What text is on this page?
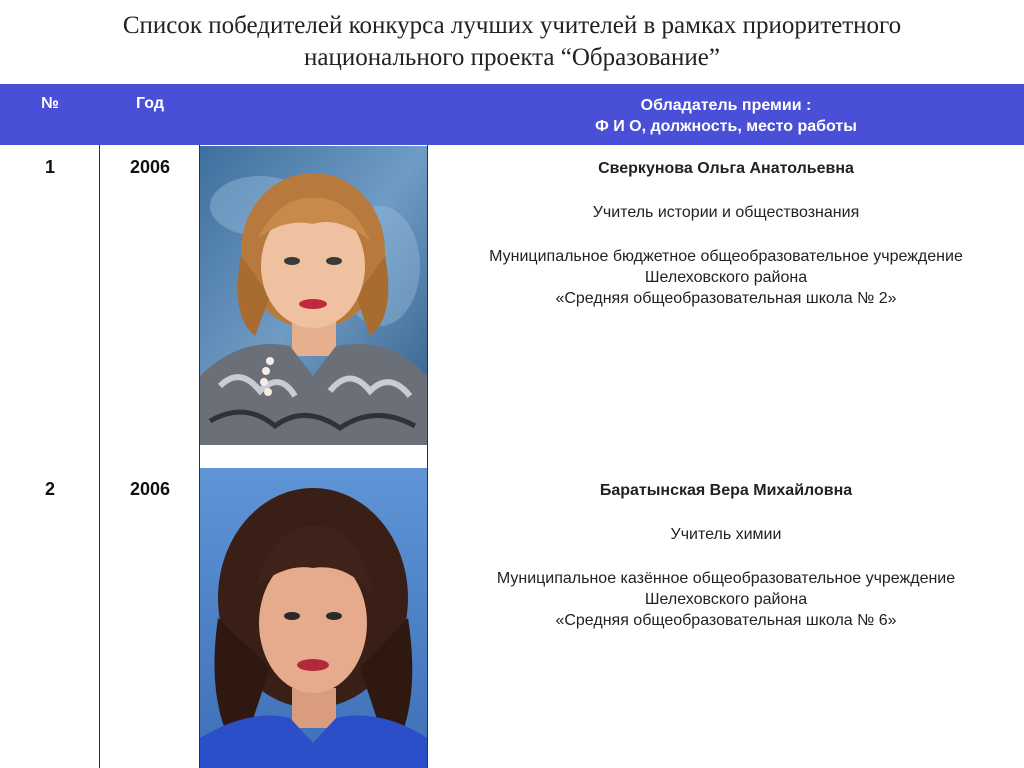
Список победителей конкурса лучших учителей в рамках приоритетного
национального проекта “Образование”
№	Год	Обладатель премии :
Ф И О, должность, место работы
1	2006	Сверкунова Ольга Анатольевна
Учитель истории и обществознания
Муниципальное бюджетное общеобразовательное учреждение
Шелеховского района
«Средняя общеобразовательная школа № 2»
2	2006	Баратынская Вера Михайловна
Учитель химии
Муниципальное казённое общеобразовательное учреждение
Шелеховского района
«Средняя общеобразовательная школа № 6»
